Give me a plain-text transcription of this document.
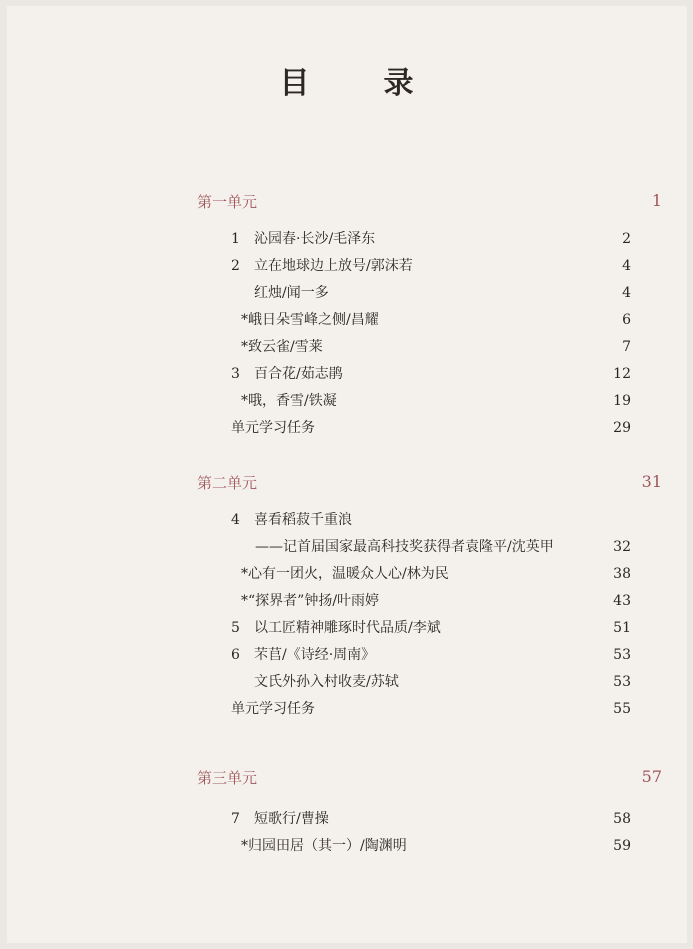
目　录
第一单元	1
1 沁园春·长沙/毛泽东	2
2 立在地球边上放号/郭沫若	4
红烛/闻一多	4
*峨日朵雪峰之侧/昌耀	6
*致云雀/雪莱	7
3 百合花/茹志鹃	12
*哦，香雪/铁凝	19
单元学习任务	29
第二单元	31
4 喜看稻菽千重浪
——记首届国家最高科技奖获得者袁隆平/沈英甲	32
*心有一团火，温暖众人心/林为民	38
*“探界者”钟扬/叶雨婷	43
5 以工匠精神雕琢时代品质/李斌	51
6 芣苢/《诗经·周南》	53
文氏外孙入村收麦/苏轼	53
单元学习任务	55
第三单元	57
7 短歌行/曹操	58
*归园田居（其一）/陶渊明	59
